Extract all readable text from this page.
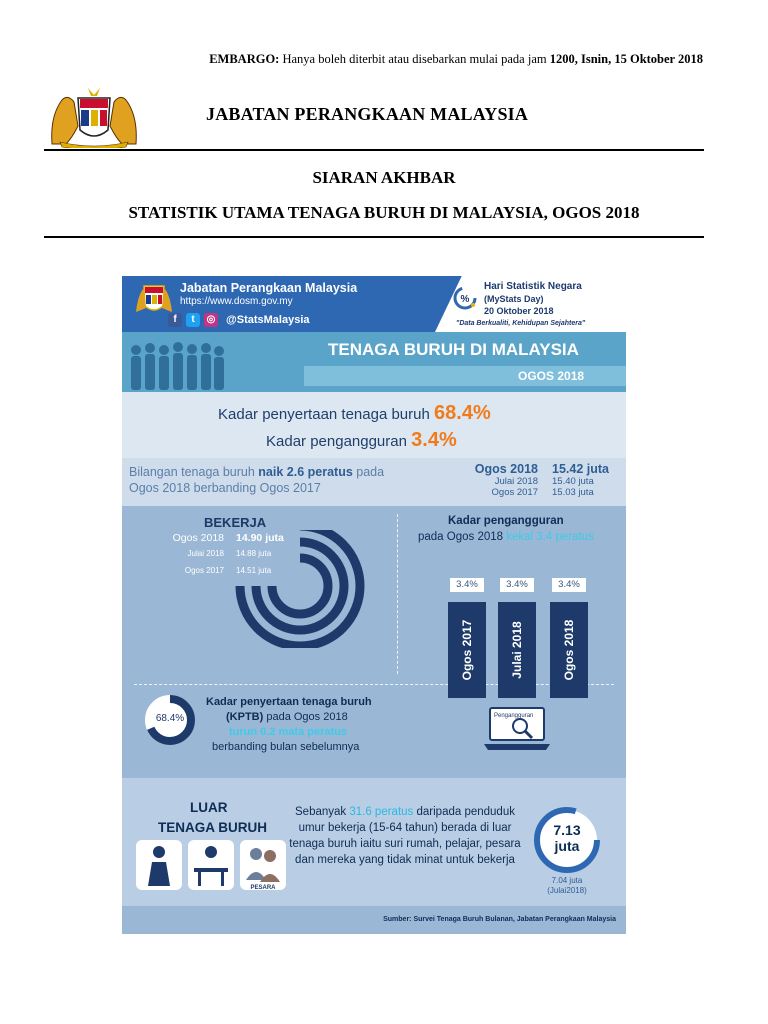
EMBARGO: Hanya boleh diterbit atau disebarkan mulai pada jam 1200, Isnin, 15 Oktober 2018
JABATAN PERANGKAAN MALAYSIA
SIARAN AKHBAR
STATISTIK UTAMA TENAGA BURUH DI MALAYSIA, OGOS 2018
Jabatan Perangkaan Malaysia
https://www.dosm.gov.my
f	t	◎ @StatsMalaysia
%
Hari Statistik Negara
(MyStats Day)
20 Oktober 2018
"Data Berkualiti, Kehidupan Sejahtera"
TENAGA BURUH DI MALAYSIA
OGOS 2018
Kadar penyertaan tenaga buruh 68.4%
Kadar pengangguran 3.4%
Bilangan tenaga buruh naik 2.6 peratus pada Ogos 2018 berbanding Ogos 2017
Ogos 2018 15.42 juta
Julai 2018 15.40 juta
Ogos 2017 15.03 juta
BEKERJA
Ogos 2018 14.90 juta
Julai 2018 14.88 juta
Ogos 2017 14.51 juta
Kadar pengangguran
pada Ogos 2018 kekal 3.4 peratus
3.4%
Ogos 2017
3.4%
Julai 2018
3.4%
Ogos 2018
Pengangguran
68.4%
Kadar penyertaan tenaga buruh
(KPTB) pada Ogos 2018
turun 0.2 mata peratus
berbanding bulan sebelumnya
LUAR
TENAGA BURUH
PESARA
Sebanyak 31.6 peratus daripada penduduk umur bekerja (15-64 tahun) berada di luar tenaga buruh iaitu suri rumah, pelajar, pesara dan mereka yang tidak minat untuk bekerja
7.13
juta
7.04 juta
(Julai2018)
Sumber: Survei Tenaga Buruh Bulanan, Jabatan Perangkaan Malaysia
